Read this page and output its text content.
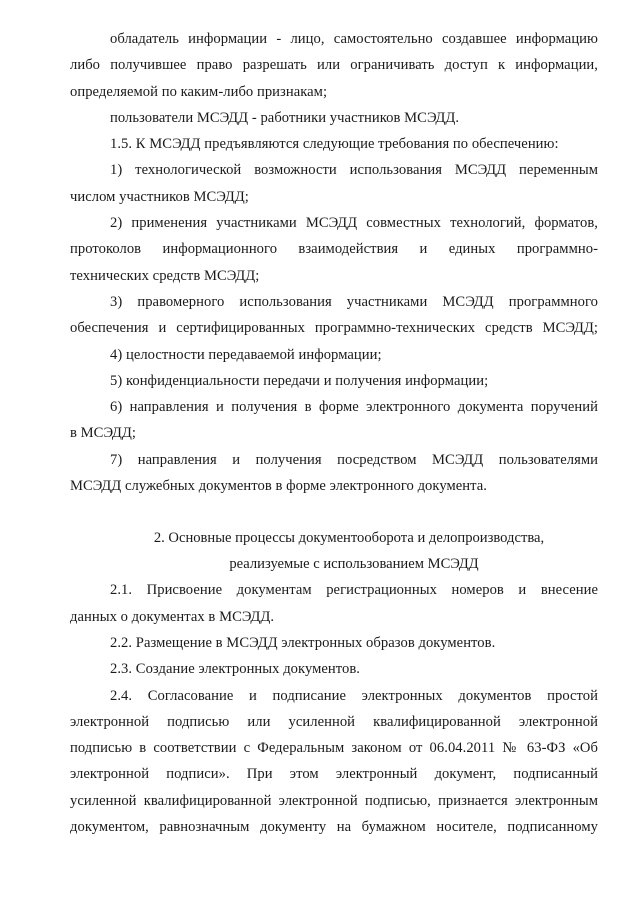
обладатель информации - лицо, самостоятельно создавшее информацию
либо получившее право разрешать или ограничивать доступ к информации,
определяемой по каким-либо признакам;
пользователи МСЭДД - работники участников МСЭДД.
1.5. К МСЭДД предъявляются следующие требования по обеспечению:
1) технологической возможности использования МСЭДД переменным
числом участников МСЭДД;
2) применения участниками МСЭДД совместных технологий, форматов,
протоколов информационного взаимодействия и единых программно-
технических средств МСЭДД;
3) правомерного использования участниками МСЭДД программного
обеспечения и сертифицированных программно-технических средств МСЭДД;
4) целостности передаваемой информации;
5) конфиденциальности передачи и получения информации;
6) направления и получения в форме электронного документа поручений
в МСЭДД;
7) направления и получения посредством МСЭДД пользователями
МСЭДД служебных документов в форме электронного документа.
2. Основные процессы документооборота и делопроизводства,
реализуемые с использованием МСЭДД
2.1. Присвоение документам регистрационных номеров и внесение
данных о документах в МСЭДД.
2.2. Размещение в МСЭДД электронных образов документов.
2.3. Создание электронных документов.
2.4. Согласование и подписание электронных документов простой
электронной подписью или усиленной квалифицированной электронной
подписью в соответствии с Федеральным законом от 06.04.2011 № 63-ФЗ «Об
электронной подписи». При этом электронный документ, подписанный
усиленной квалифицированной электронной подписью, признается электронным
документом, равнозначным документу на бумажном носителе, подписанному
